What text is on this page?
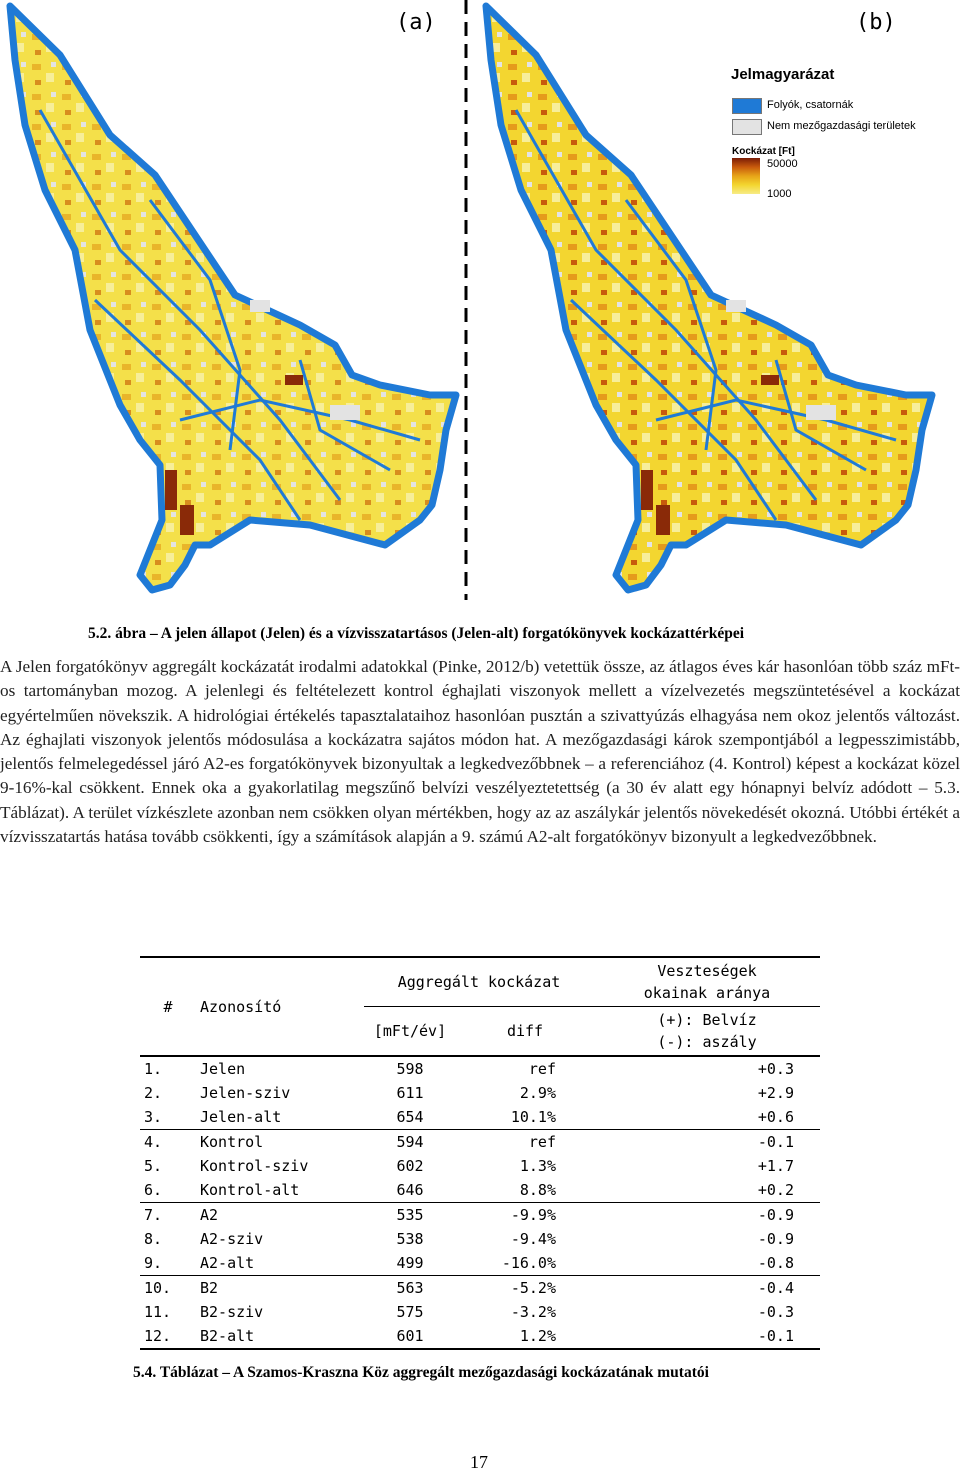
(a)	(b)
Jelmagyarázat
Folyók, csatornák
Nem mezőgazdasági területek
Kockázat [Ft]
50000
1000
5.2. ábra – A jelen állapot (Jelen) és a vízvisszatartásos (Jelen-alt) forgatókönyvek kockázattérképei

A Jelen forgatókönyv aggregált kockázatát irodalmi adatokkal (Pinke, 2012/b) vetettük össze, az átlagos éves kár hasonlóan több száz mFt-os tartományban mozog. A jelenlegi és feltételezett kontrol éghajlati viszonyok mellett a vízelvezetés megszüntetésével a kockázat egyértelműen növekszik. A hidrológiai értékelés tapasztalataihoz hasonlóan pusztán a szivattyúzás elhagyása nem okoz jelentős változást. Az éghajlati viszonyok jelentős módosulása a kockázatra sajátos módon hat. A mezőgazdasági károk szempontjából a legpesszimistább, jelentős felmelegedéssel járó A2-es forgatókönyvek bizonyultak a legkedvezőbbnek – a referenciához (4. Kontrol) képest a kockázat közel 9-16%-kal csökkent. Ennek oka a gyakorlatilag megszűnő belvízi veszélyeztetettség (a 30 év alatt egy hónapnyi belvíz adódott – 5.3. Táblázat). A terület vízkészlete azonban nem csökken olyan mértékben, hogy az az aszálykár jelentős növekedését okozná. Utóbbi értékét a vízvisszatartás hatása tovább csökkenti, így a számítások alapján a 9. számú A2-alt forgatókönyv bizonyult a legkedvezőbbnek.

#	Azonosító	Aggregált kockázat		Veszteségek
okainak aránya

		[mFt/év]	diff	(+): Belvíz
(-): aszály

1.	Jelen	598	ref	+0.3
2.	Jelen-sziv	611	2.9%	+2.9
3.	Jelen-alt	654	10.1%	+0.6
4.	Kontrol	594	ref	-0.1
5.	Kontrol-sziv	602	1.3%	+1.7
6.	Kontrol-alt	646	8.8%	+0.2
7.	A2	535	-9.9%	-0.9
8.	A2-sziv	538	-9.4%	-0.9
9.	A2-alt	499	-16.0%	-0.8
10.	B2	563	-5.2%	-0.4
11.	B2-sziv	575	-3.2%	-0.3
12.	B2-alt	601	1.2%	-0.1
5.4. Táblázat – A Szamos-Kraszna Köz aggregált mezőgazdasági kockázatának mutatói
17
